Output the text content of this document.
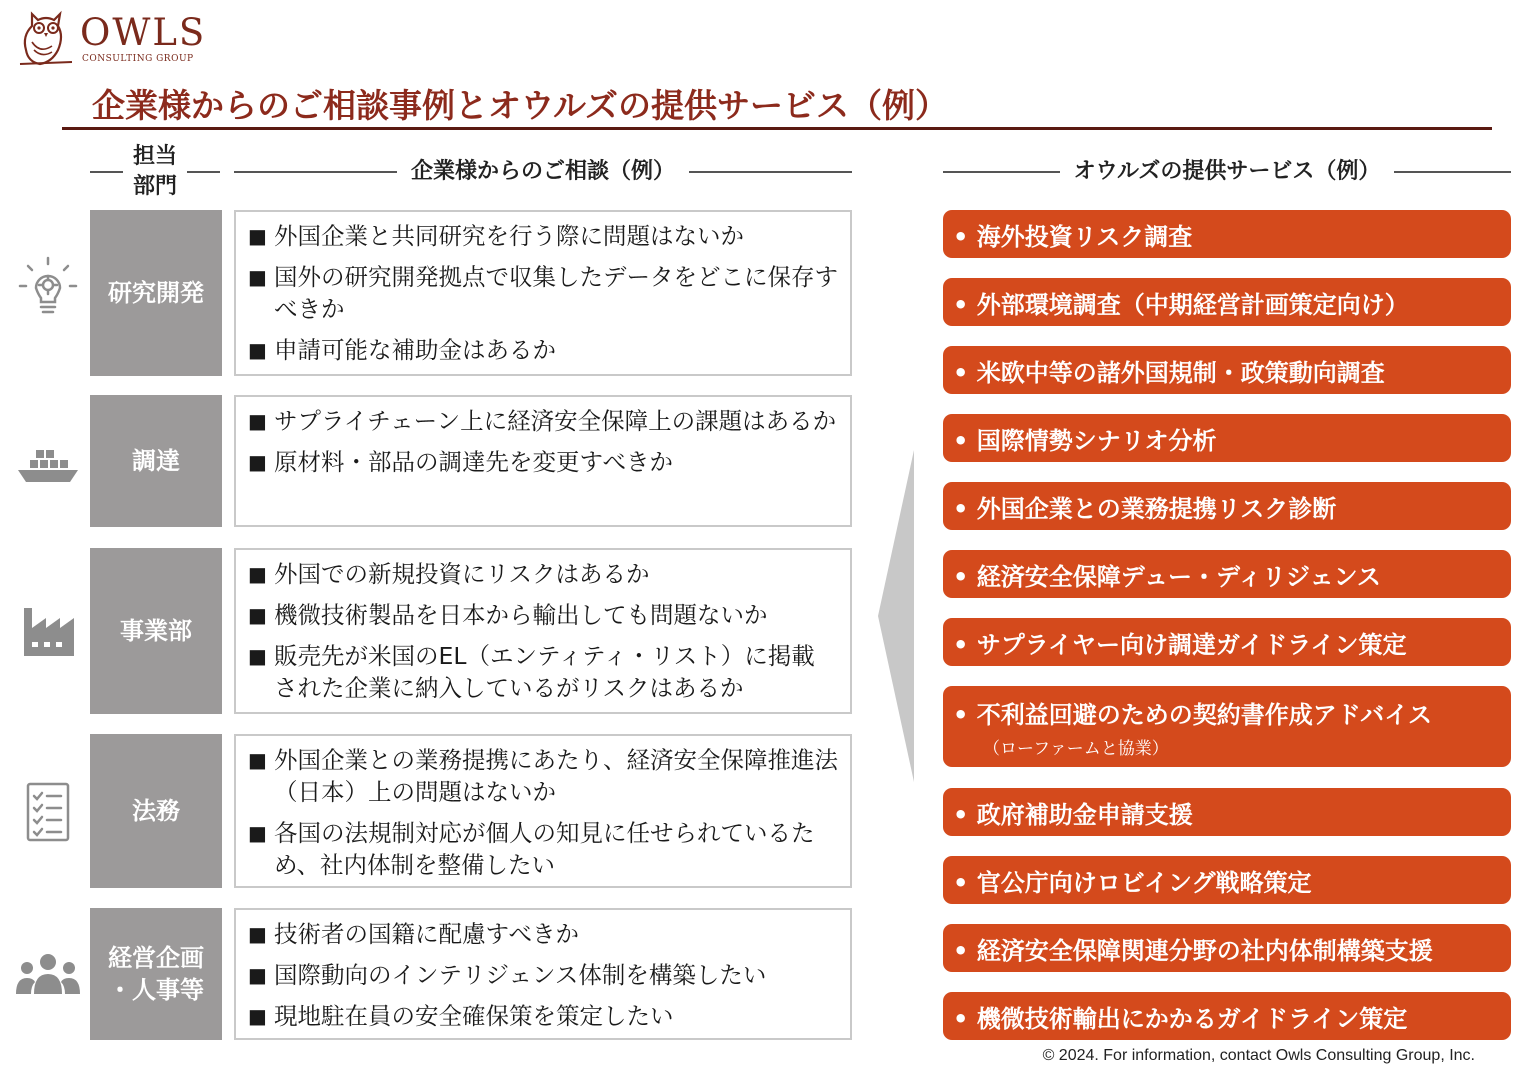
OWLS
CONSULTING GROUP
企業様からのご相談事例とオウルズの提供サービス（例）
担当
部門
企業様からのご相談（例）	オウルズの提供サービス（例）
研究開発
■ 外国企業と共同研究を行う際に問題はないか
■ 国外の研究開発拠点で収集したデータをどこに保存すべきか
■ 申請可能な補助金はあるか
調達
■ サプライチェーン上に経済安全保障上の課題はあるか
■ 原材料・部品の調達先を変更すべきか
事業部
■ 外国での新規投資にリスクはあるか
■ 機微技術製品を日本から輸出しても問題ないか
■ 販売先が米国のEL（エンティティ・リスト）に掲載された企業に納入しているがリスクはあるか
法務
■ 外国企業との業務提携にあたり、経済安全保障推進法（日本）上の問題はないか
■ 各国の法規制対応が個人の知見に任せられているため、社内体制を整備したい
経営企画
・人事等
■ 技術者の国籍に配慮すべきか
■ 国際動向のインテリジェンス体制を構築したい
■ 現地駐在員の安全確保策を策定したい
• 海外投資リスク調査
• 外部環境調査（中期経営計画策定向け）
• 米欧中等の諸外国規制・政策動向調査
• 国際情勢シナリオ分析
• 外国企業との業務提携リスク診断
• 経済安全保障デュー・ディリジェンス
• サプライヤー向け調達ガイドライン策定
• 不利益回避のための契約書作成アドバイス
（ローファームと協業）
• 政府補助金申請支援
• 官公庁向けロビイング戦略策定
• 経済安全保障関連分野の社内体制構築支援
• 機微技術輸出にかかるガイドライン策定
© 2024. For information, contact Owls Consulting Group, Inc.
